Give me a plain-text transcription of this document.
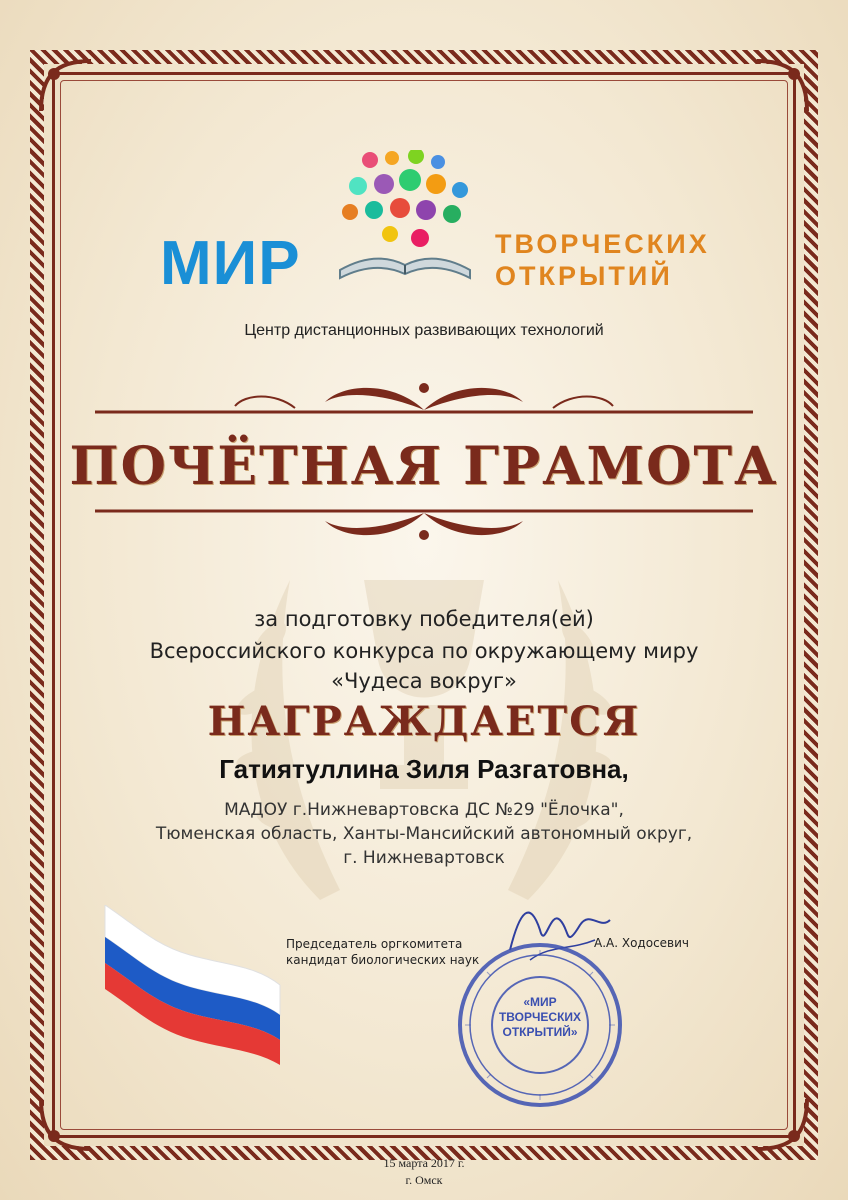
МИР	ТВОРЧЕСКИХ
ОТКРЫТИЙ
Центр дистанционных развивающих технологий
ПОЧЁТНАЯ ГРАМОТА
за подготовку победителя(ей)
Всероссийского конкурса по окружающему миру
«Чудеса вокруг»
НАГРАЖДАЕТСЯ
Гатиятуллина Зиля Разгатовна,
МАДОУ г.Нижневартовска ДС №29 "Ёлочка",
Тюменская область, Ханты-Мансийский автономный округ,
г. Нижневартовск
Председатель оргкомитета
кандидат биологических наук
А.А. Ходосевич
«МИР
ТВОРЧЕСКИХ
ОТКРЫТИЙ»
15 марта 2017 г.
г. Омск
